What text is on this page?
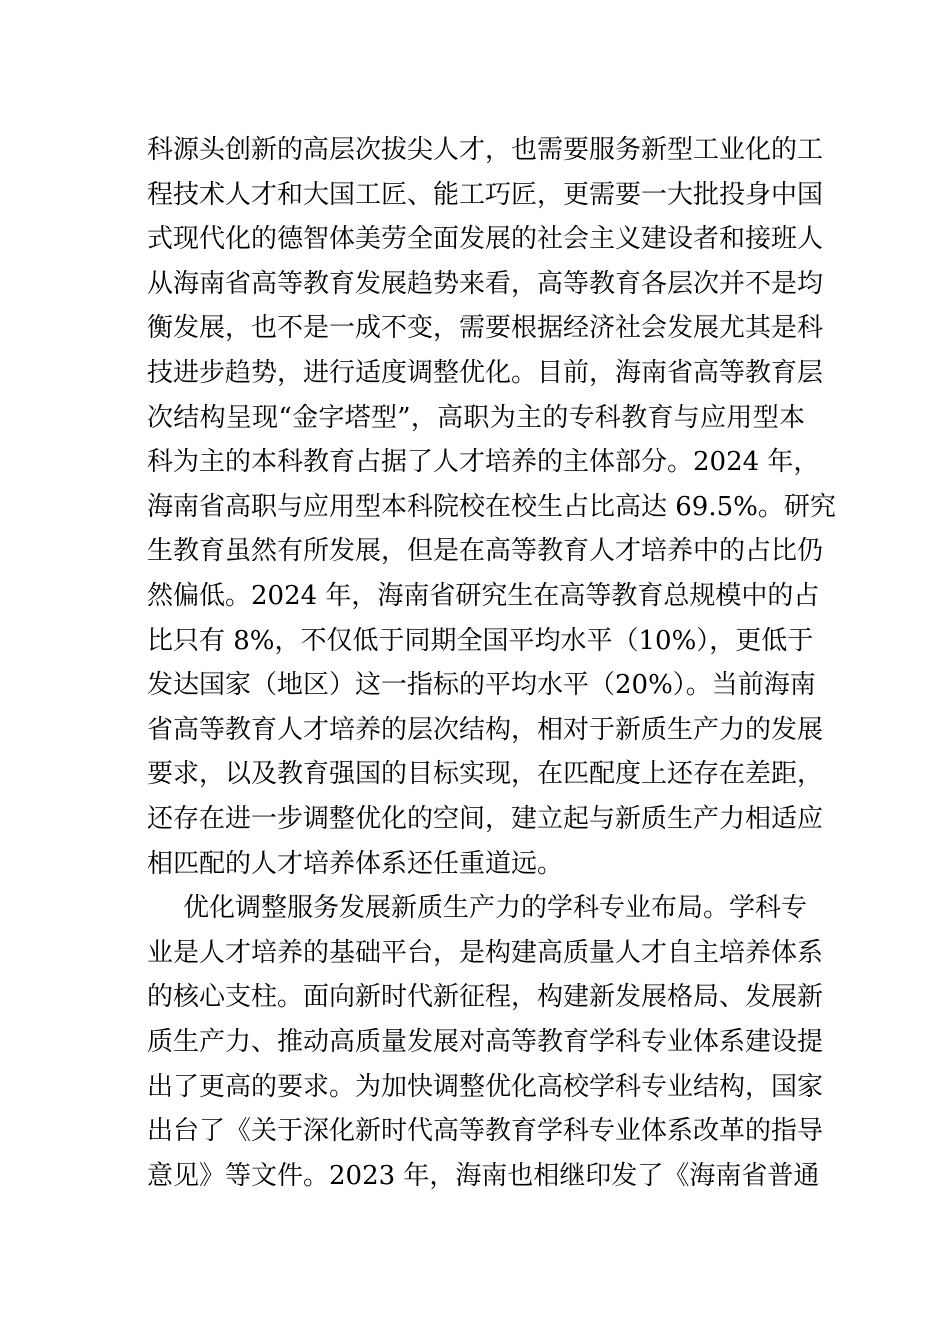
科源头创新的高层次拔尖人才，也需要服务新型工业化的工
程技术人才和大国工匠、能工巧匠，更需要一大批投身中国
式现代化的德智体美劳全面发展的社会主义建设者和接班人
从海南省高等教育发展趋势来看，高等教育各层次并不是均
衡发展，也不是一成不变，需要根据经济社会发展尤其是科
技进步趋势，进行适度调整优化。目前，海南省高等教育层
次结构呈现“金字塔型”，高职为主的专科教育与应用型本
科为主的本科教育占据了人才培养的主体部分。2024 年，
海南省高职与应用型本科院校在校生占比高达 69.5%。研究
生教育虽然有所发展，但是在高等教育人才培养中的占比仍
然偏低。2024 年，海南省研究生在高等教育总规模中的占
比只有 8%，不仅低于同期全国平均水平（10%），更低于
发达国家（地区）这一指标的平均水平（20%）。当前海南
省高等教育人才培养的层次结构，相对于新质生产力的发展
要求，以及教育强国的目标实现，在匹配度上还存在差距，
还存在进一步调整优化的空间，建立起与新质生产力相适应
相匹配的人才培养体系还任重道远。
优化调整服务发展新质生产力的学科专业布局。学科专
业是人才培养的基础平台，是构建高质量人才自主培养体系
的核心支柱。面向新时代新征程，构建新发展格局、发展新
质生产力、推动高质量发展对高等教育学科专业体系建设提
出了更高的要求。为加快调整优化高校学科专业结构，国家
出台了《关于深化新时代高等教育学科专业体系改革的指导
意见》等文件。2023 年，海南也相继印发了《海南省普通
